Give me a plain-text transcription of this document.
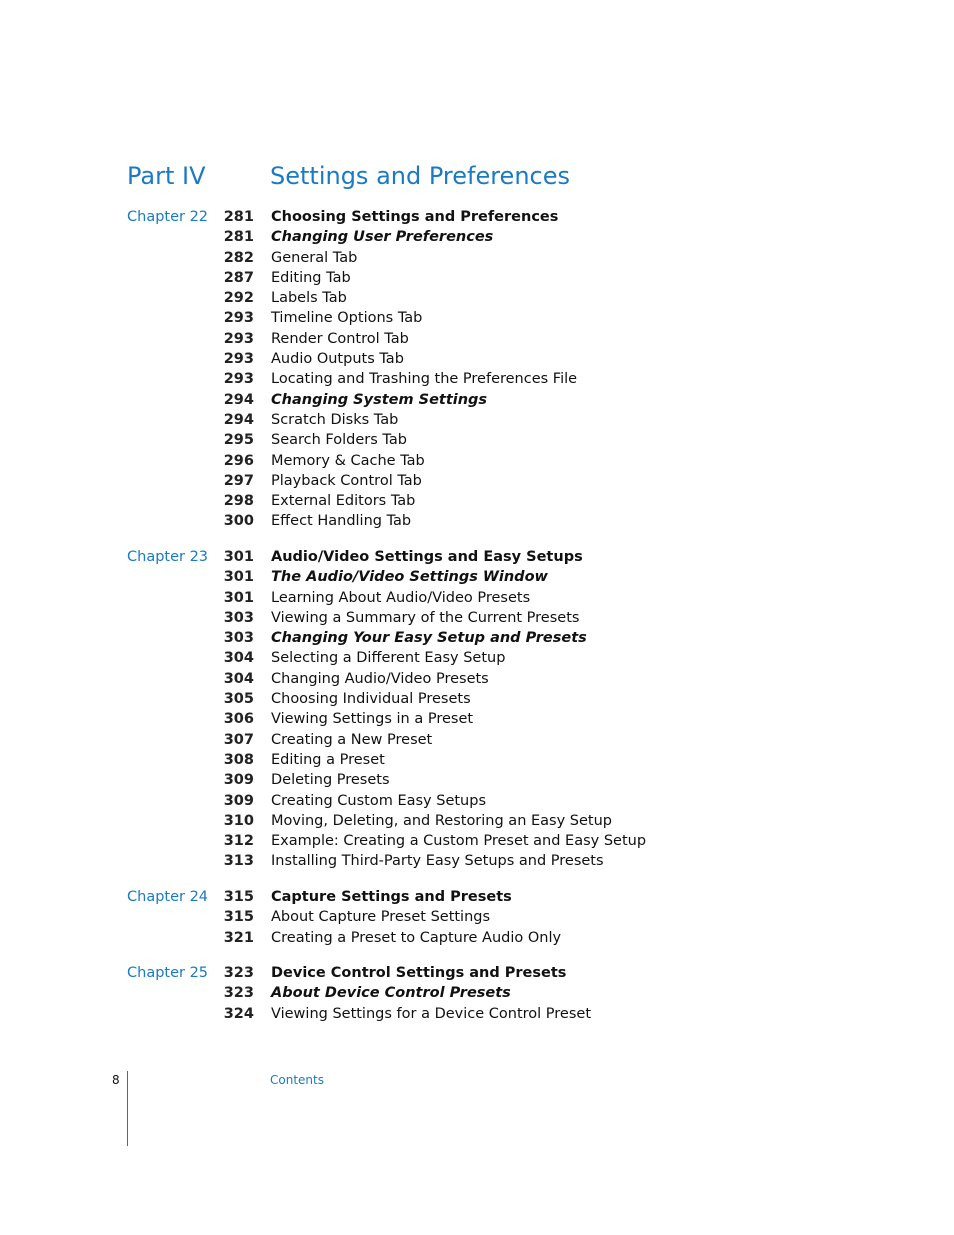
Part IV	Settings and Preferences
Chapter 22	281 Choosing Settings and Preferences
281 Changing User Preferences
282 General Tab
287 Editing Tab
292 Labels Tab
293 Timeline Options Tab
293 Render Control Tab
293 Audio Outputs Tab
293 Locating and Trashing the Preferences File
294 Changing System Settings
294 Scratch Disks Tab
295 Search Folders Tab
296 Memory & Cache Tab
297 Playback Control Tab
298 External Editors Tab
300 Effect Handling Tab
Chapter 23	301 Audio/Video Settings and Easy Setups
301 The Audio/Video Settings Window
301 Learning About Audio/Video Presets
303 Viewing a Summary of the Current Presets
303 Changing Your Easy Setup and Presets
304 Selecting a Different Easy Setup
304 Changing Audio/Video Presets
305 Choosing Individual Presets
306 Viewing Settings in a Preset
307 Creating a New Preset
308 Editing a Preset
309 Deleting Presets
309 Creating Custom Easy Setups
310 Moving, Deleting, and Restoring an Easy Setup
312 Example: Creating a Custom Preset and Easy Setup
313 Installing Third-Party Easy Setups and Presets
Chapter 24	315 Capture Settings and Presets
315 About Capture Preset Settings
321 Creating a Preset to Capture Audio Only
Chapter 25	323 Device Control Settings and Presets
323 About Device Control Presets
324 Viewing Settings for a Device Control Preset
8	Contents
